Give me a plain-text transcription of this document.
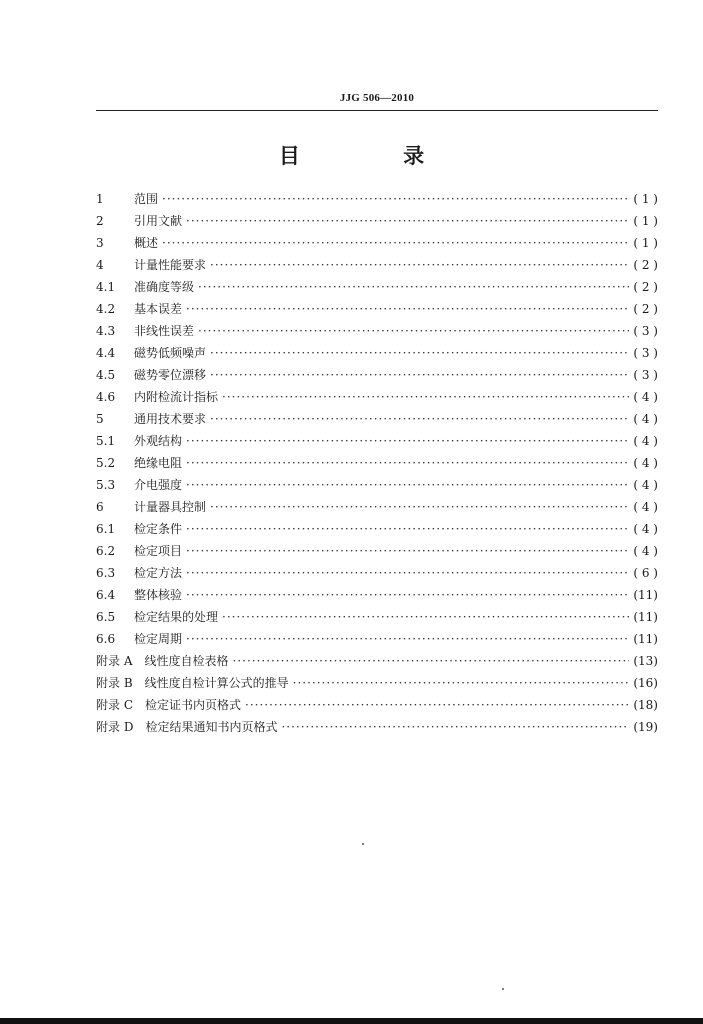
JJG 506—2010
目 录
1	范围 ·····	( 1 )
2	引用文献 ·····	( 1 )
3	概述 ·····	( 1 )
4	计量性能要求 ·····	( 2 )
4.1	准确度等级 ·····	( 2 )
4.2	基本误差 ·····	( 2 )
4.3	非线性误差 ·····	( 3 )
4.4	磁势低频噪声 ·····	( 3 )
4.5	磁势零位漂移 ·····	( 3 )
4.6	内附检流计指标 ·····	( 4 )
5	通用技术要求 ·····	( 4 )
5.1	外观结构 ·····	( 4 )
5.2	绝缘电阻 ·····	( 4 )
5.3	介电强度 ·····	( 4 )
6	计量器具控制 ·····	( 4 )
6.1	检定条件 ·····	( 4 )
6.2	检定项目 ·····	( 4 )
6.3	检定方法 ·····	( 6 )
6.4	整体核验 ·····	(11)
6.5	检定结果的处理 ·····	(11)
6.6	检定周期 ·····	(11)
附录 A 线性度自检表格 ·····	(13)
附录 B 线性度自检计算公式的推导 ·····	(16)
附录 C 检定证书内页格式 ·····	(18)
附录 D 检定结果通知书内页格式 ·····	(19)
